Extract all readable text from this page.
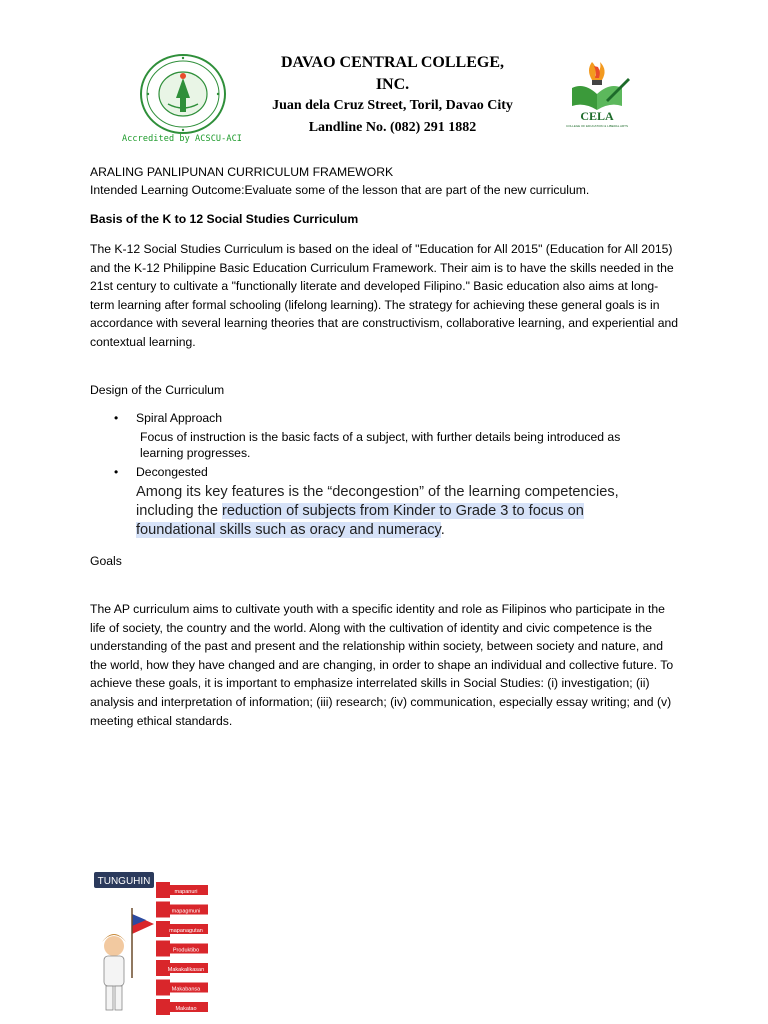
Accredited by ACSCU-ACI
DAVAO CENTRAL COLLEGE,
INC.
Juan dela Cruz Street, Toril, Davao City
Landline No. (082) 291 1882
CELA
COLLEGE OF EDUCATION & LIBERAL ARTS
ARALING PANLIPUNAN CURRICULUM FRAMEWORK
Intended Learning Outcome:Evaluate some of the lesson that are part of the new curriculum.
Basis of the K to 12 Social Studies Curriculum
The K-12 Social Studies Curriculum is based on the ideal of "Education for All 2015" (Education for All 2015) and the K-12 Philippine Basic Education Curriculum Framework. Their aim is to have the skills needed in the 21st century to cultivate a "functionally literate and developed Filipino." Basic education also aims at long-term learning after formal schooling (lifelong learning). The strategy for achieving these general goals is in accordance with several learning theories that are constructivism, collaborative learning, and experiential and contextual learning.
Design of the Curriculum
• Spiral Approach
Focus of instruction is the basic facts of a subject, with further details being introduced as learning progresses.
• Decongested
Among its key features is the “decongestion” of the learning competencies, including the reduction of subjects from Kinder to Grade 3 to focus on foundational skills such as oracy and numeracy.
Goals
The AP curriculum aims to cultivate youth with a specific identity and role as Filipinos who participate in the life of society, the country and the world. Along with the cultivation of identity and civic competence is the understanding of the past and present and the relationship within society, between society and nature, and the world, how they have changed and are changing, in order to shape an individual and collective future. To achieve these goals, it is important to emphasize interrelated skills in Social Studies: (i) investigation; (ii) analysis and interpretation of information; (iii) research; (iv) communication, especially essay writing; and (v) meeting ethical standards.
TUNGUHIN
mapanuri
mapagmuni
mapanagutan
Produktibo
Makakalikasan
Makabansa
Makatao
